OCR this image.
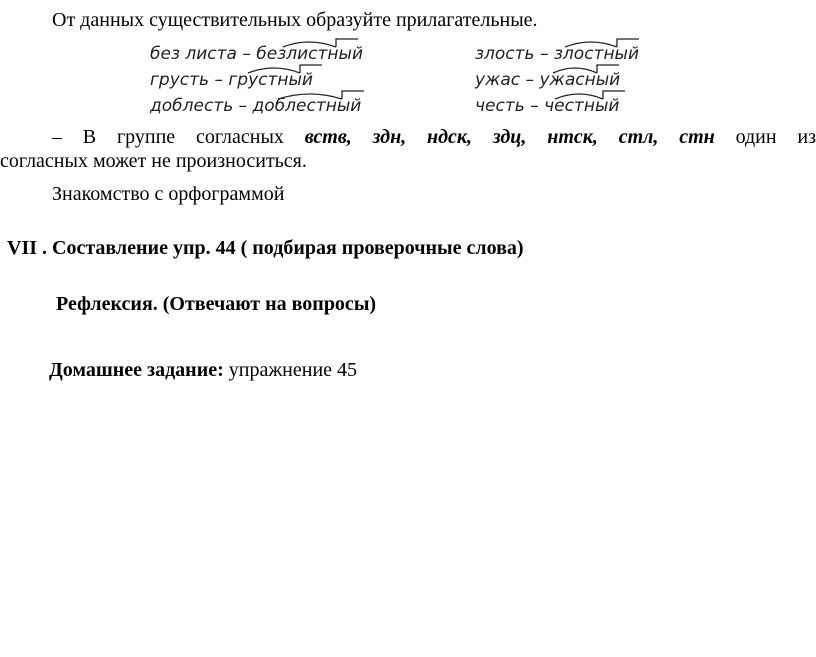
От данных существительных образуйте прилагательные.
без листа – безлистный
грусть – грустный
доблесть – доблестный
злость – злостный
ужас – ужасный
честь – честный
– В группе согласных вств, здн, ндск, здц, нтск, стл, стн один из
согласных может не произноситься.
Знакомство с орфограммой
VII . Составление упр. 44 ( подбирая проверочные слова)
Рефлексия. (Отвечают на вопросы)
Домашнее задание: упражнение 45
